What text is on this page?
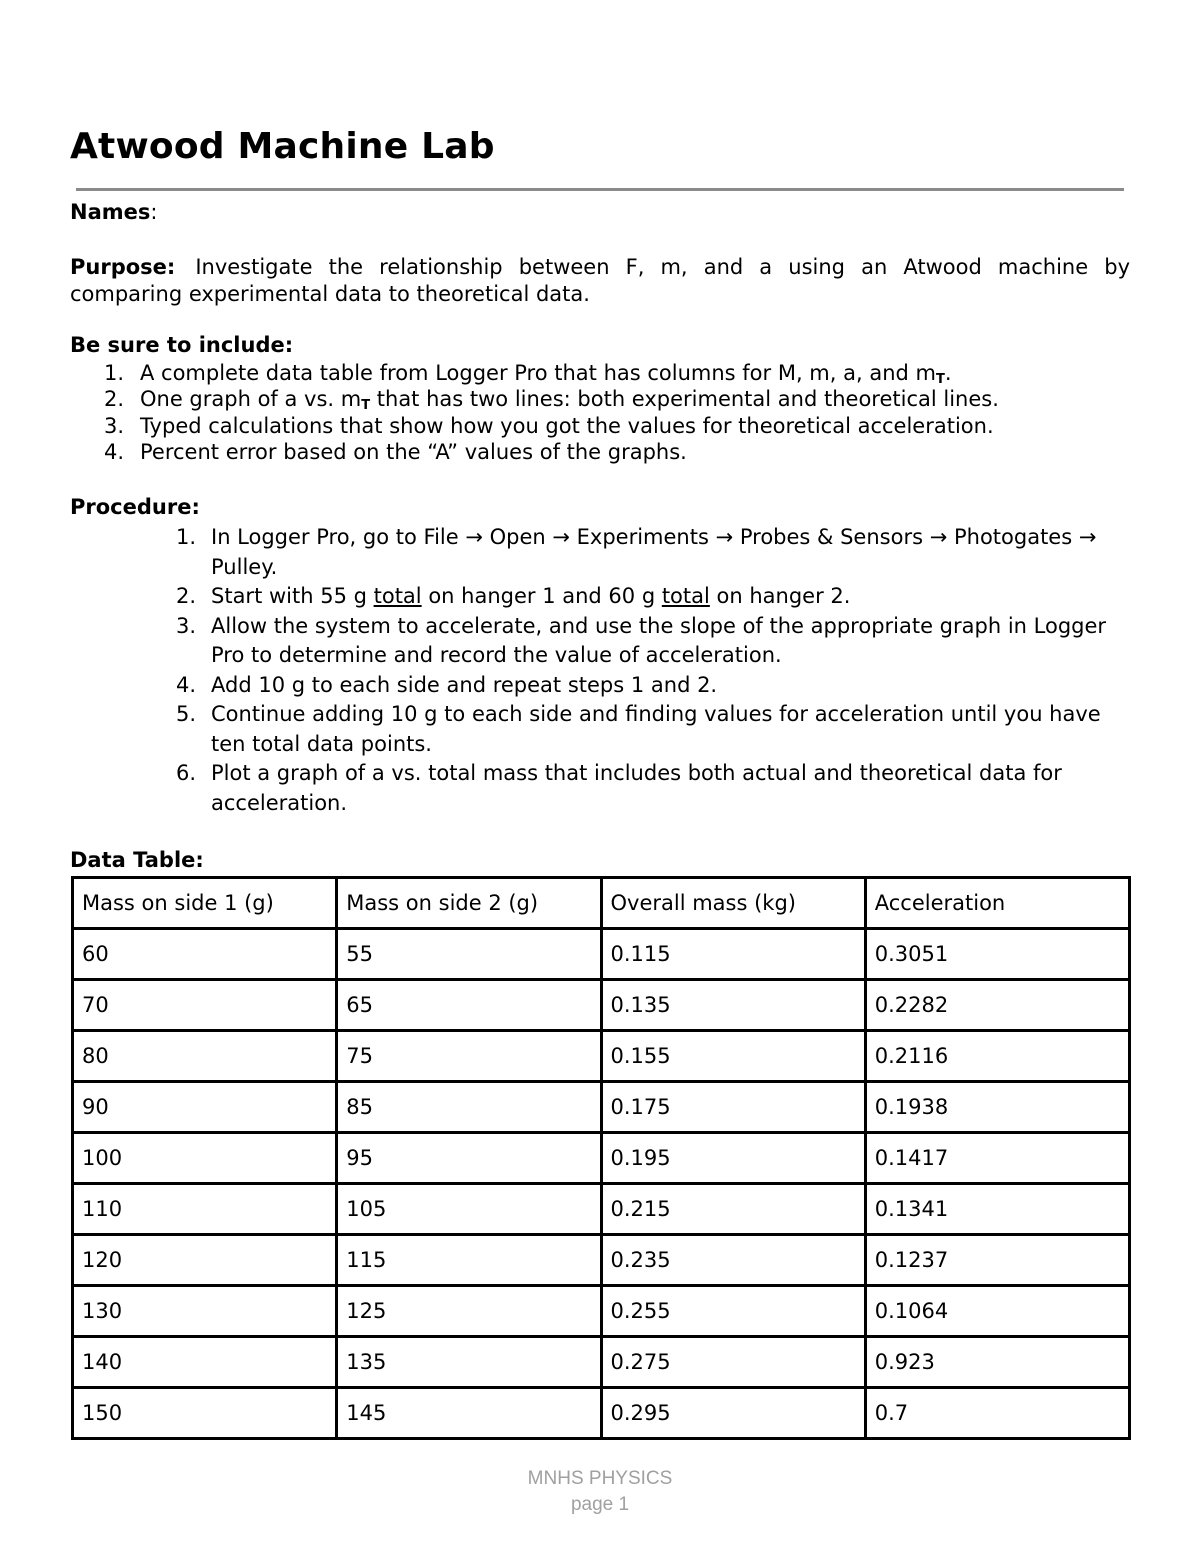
Atwood Machine Lab
Names:
Purpose: Investigate the relationship between F, m, and a using an Atwood machine by comparing experimental data to theoretical data.
Be sure to include:
1. A complete data table from Logger Pro that has columns for M, m, a, and $m_T$.
2. One graph of a vs. $m_T$ that has two lines: both experimental and theoretical lines.
3. Typed calculations that show how you got the values for theoretical acceleration.
4. Percent error based on the “A” values of the graphs.
Procedure:
1. In Logger Pro, go to File → Open → Experiments → Probes & Sensors → Photogates → Pulley.
2. Start with 55 g total on hanger 1 and 60 g total on hanger 2.
3. Allow the system to accelerate, and use the slope of the appropriate graph in Logger Pro to determine and record the value of acceleration.
4. Add 10 g to each side and repeat steps 1 and 2.
5. Continue adding 10 g to each side and finding values for acceleration until you have ten total data points.
6. Plot a graph of a vs. total mass that includes both actual and theoretical data for acceleration.
Data Table:
Mass on side 1 (g)	Mass on side 2 (g)	Overall mass (kg)	Acceleration
60	55	0.115	0.3051
70	65	0.135	0.2282
80	75	0.155	0.2116
90	85	0.175	0.1938
100	95	0.195	0.1417
110	105	0.215	0.1341
120	115	0.235	0.1237
130	125	0.255	0.1064
140	135	0.275	0.923
150	145	0.295	0.7
MNHS PHYSICS
page 1
